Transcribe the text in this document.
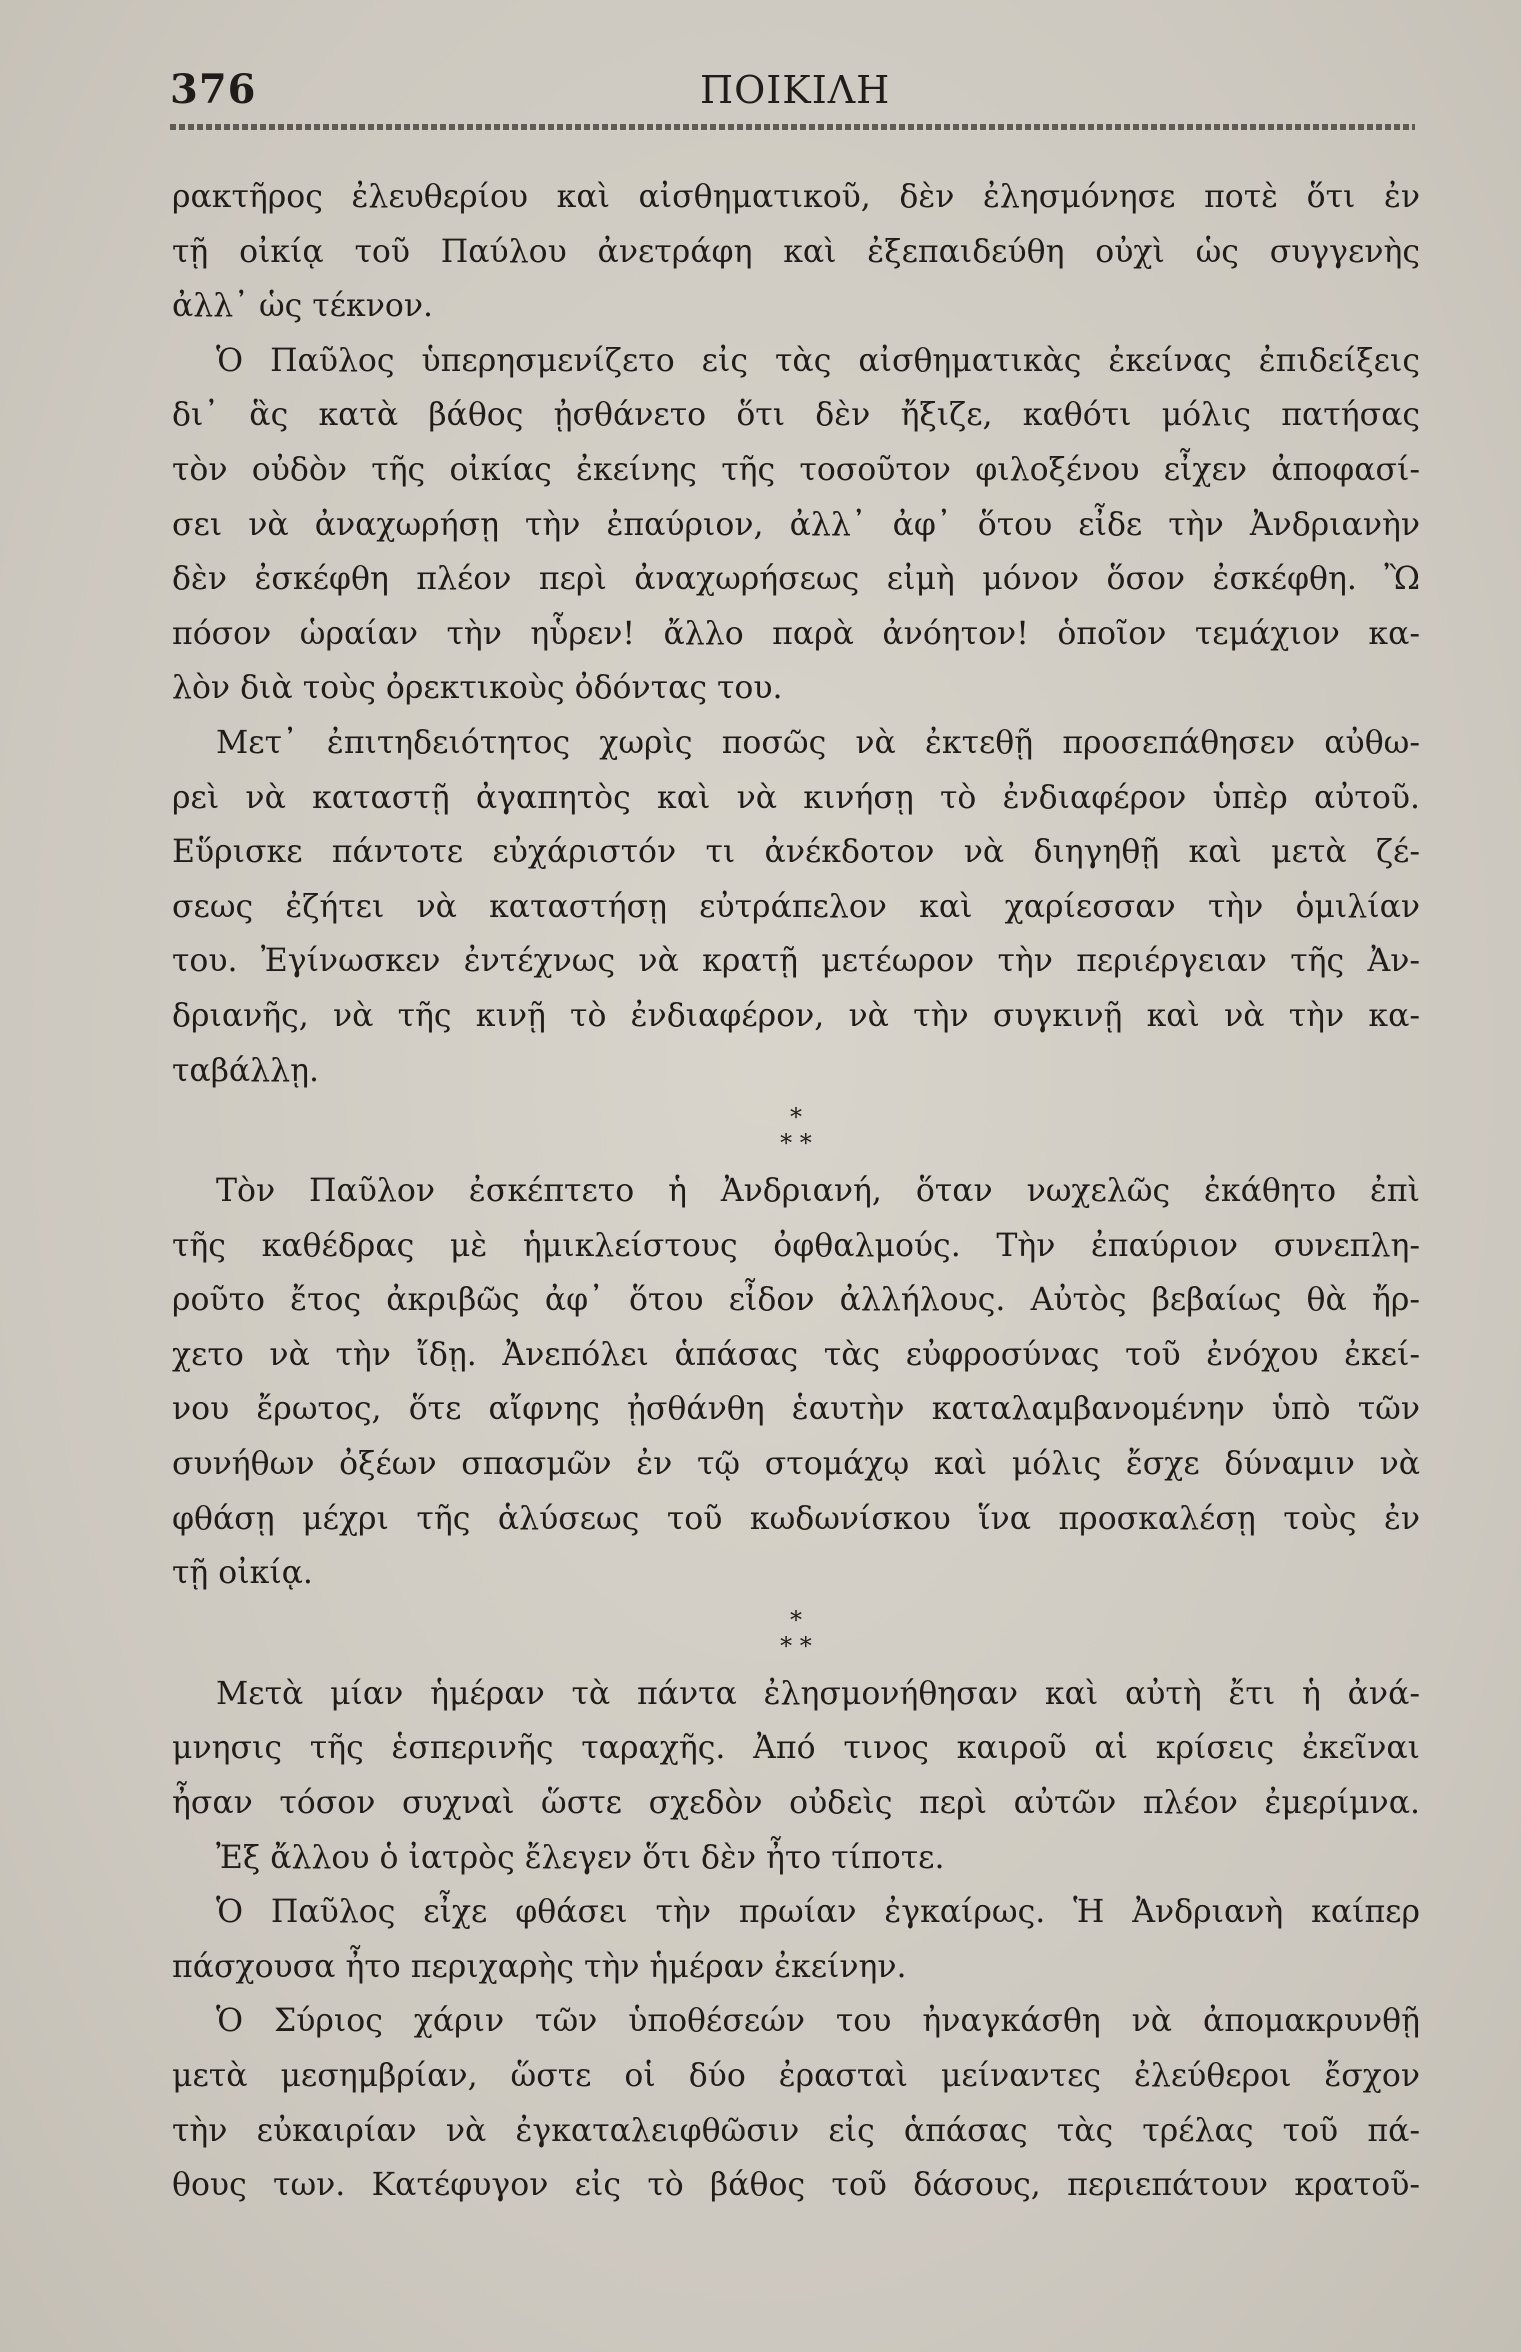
376	ΠΟΙΚΙΛΗ
ρακτῆρος ἐλευθερίου καὶ αἰσθηματικοῦ, δὲν ἐλησμόνησε ποτὲ ὅτι ἐν
τῇ οἰκίᾳ τοῦ Παύλου ἀνετράφη καὶ ἐξεπαιδεύθη οὐχὶ ὡς συγγενὴς
ἀλλ᾽ ὡς τέκνον.
Ὁ Παῦλος ὑπερησμενίζετο εἰς τὰς αἰσθηματικὰς ἐκείνας ἐπιδείξεις
δι᾽ ἃς κατὰ βάθος ᾐσθάνετο ὅτι δὲν ἤξιζε, καθότι μόλις πατήσας
τὸν οὐδὸν τῆς οἰκίας ἐκείνης τῆς τοσοῦτον φιλοξένου εἶχεν ἀποφασί-
σει νὰ ἀναχωρήσῃ τὴν ἐπαύριον, ἀλλ᾽ ἀφ᾽ ὅτου εἶδε τὴν Ἀνδριανὴν
δὲν ἐσκέφθη πλέον περὶ ἀναχωρήσεως εἰμὴ μόνον ὅσον ἐσκέφθη. Ὢ
πόσον ὡραίαν τὴν ηὗρεν! ἄλλο παρὰ ἀνόητον! ὁποῖον τεμάχιον κα-
λὸν διὰ τοὺς ὀρεκτικοὺς ὀδόντας του.
Μετ᾽ ἐπιτηδειότητος χωρὶς ποσῶς νὰ ἐκτεθῇ προσεπάθησεν αὐθω-
ρεὶ νὰ καταστῇ ἀγαπητὸς καὶ νὰ κινήσῃ τὸ ἐνδιαφέρον ὑπὲρ αὐτοῦ.
Εὕρισκε πάντοτε εὐχάριστόν τι ἀνέκδοτον νὰ διηγηθῇ καὶ μετὰ ζέ-
σεως ἐζήτει νὰ καταστήσῃ εὐτράπελον καὶ χαρίεσσαν τὴν ὁμιλίαν
του. Ἐγίνωσκεν ἐντέχνως νὰ κρατῇ μετέωρον τὴν περιέργειαν τῆς Ἀν-
δριανῆς, νὰ τῆς κινῇ τὸ ἐνδιαφέρον, νὰ τὴν συγκινῇ καὶ νὰ τὴν κα-
ταβάλλῃ.
*
* *
Τὸν Παῦλον ἐσκέπτετο ἡ Ἀνδριανή, ὅταν νωχελῶς ἐκάθητο ἐπὶ
τῆς καθέδρας μὲ ἡμικλείστους ὀφθαλμούς. Τὴν ἐπαύριον συνεπλη-
ροῦτο ἔτος ἀκριβῶς ἀφ᾽ ὅτου εἶδον ἀλλήλους. Αὐτὸς βεβαίως θὰ ἤρ-
χετο νὰ τὴν ἴδῃ. Ἀνεπόλει ἁπάσας τὰς εὐφροσύνας τοῦ ἐνόχου ἐκεί-
νου ἔρωτος, ὅτε αἴφνης ᾐσθάνθη ἑαυτὴν καταλαμβανομένην ὑπὸ τῶν
συνήθων ὀξέων σπασμῶν ἐν τῷ στομάχῳ καὶ μόλις ἔσχε δύναμιν νὰ
φθάσῃ μέχρι τῆς ἁλύσεως τοῦ κωδωνίσκου ἵνα προσκαλέσῃ τοὺς ἐν
τῇ οἰκίᾳ.
*
* *
Μετὰ μίαν ἡμέραν τὰ πάντα ἐλησμονήθησαν καὶ αὐτὴ ἔτι ἡ ἀνά-
μνησις τῆς ἑσπερινῆς ταραχῆς. Ἀπό τινος καιροῦ αἱ κρίσεις ἐκεῖναι
ἦσαν τόσον συχναὶ ὥστε σχεδὸν οὐδεὶς περὶ αὐτῶν πλέον ἐμερίμνα.
Ἐξ ἄλλου ὁ ἰατρὸς ἔλεγεν ὅτι δὲν ἦτο τίποτε.
Ὁ Παῦλος εἶχε φθάσει τὴν πρωίαν ἐγκαίρως. Ἡ Ἀνδριανὴ καίπερ
πάσχουσα ἦτο περιχαρὴς τὴν ἡμέραν ἐκείνην.
Ὁ Σύριος χάριν τῶν ὑποθέσεών του ἠναγκάσθη νὰ ἀπομακρυνθῇ
μετὰ μεσημβρίαν, ὥστε οἱ δύο ἐρασταὶ μείναντες ἐλεύθεροι ἔσχον
τὴν εὐκαιρίαν νὰ ἐγκαταλειφθῶσιν εἰς ἁπάσας τὰς τρέλας τοῦ πά-
θους των. Κατέφυγον εἰς τὸ βάθος τοῦ δάσους, περιεπάτουν κρατοῦ-
